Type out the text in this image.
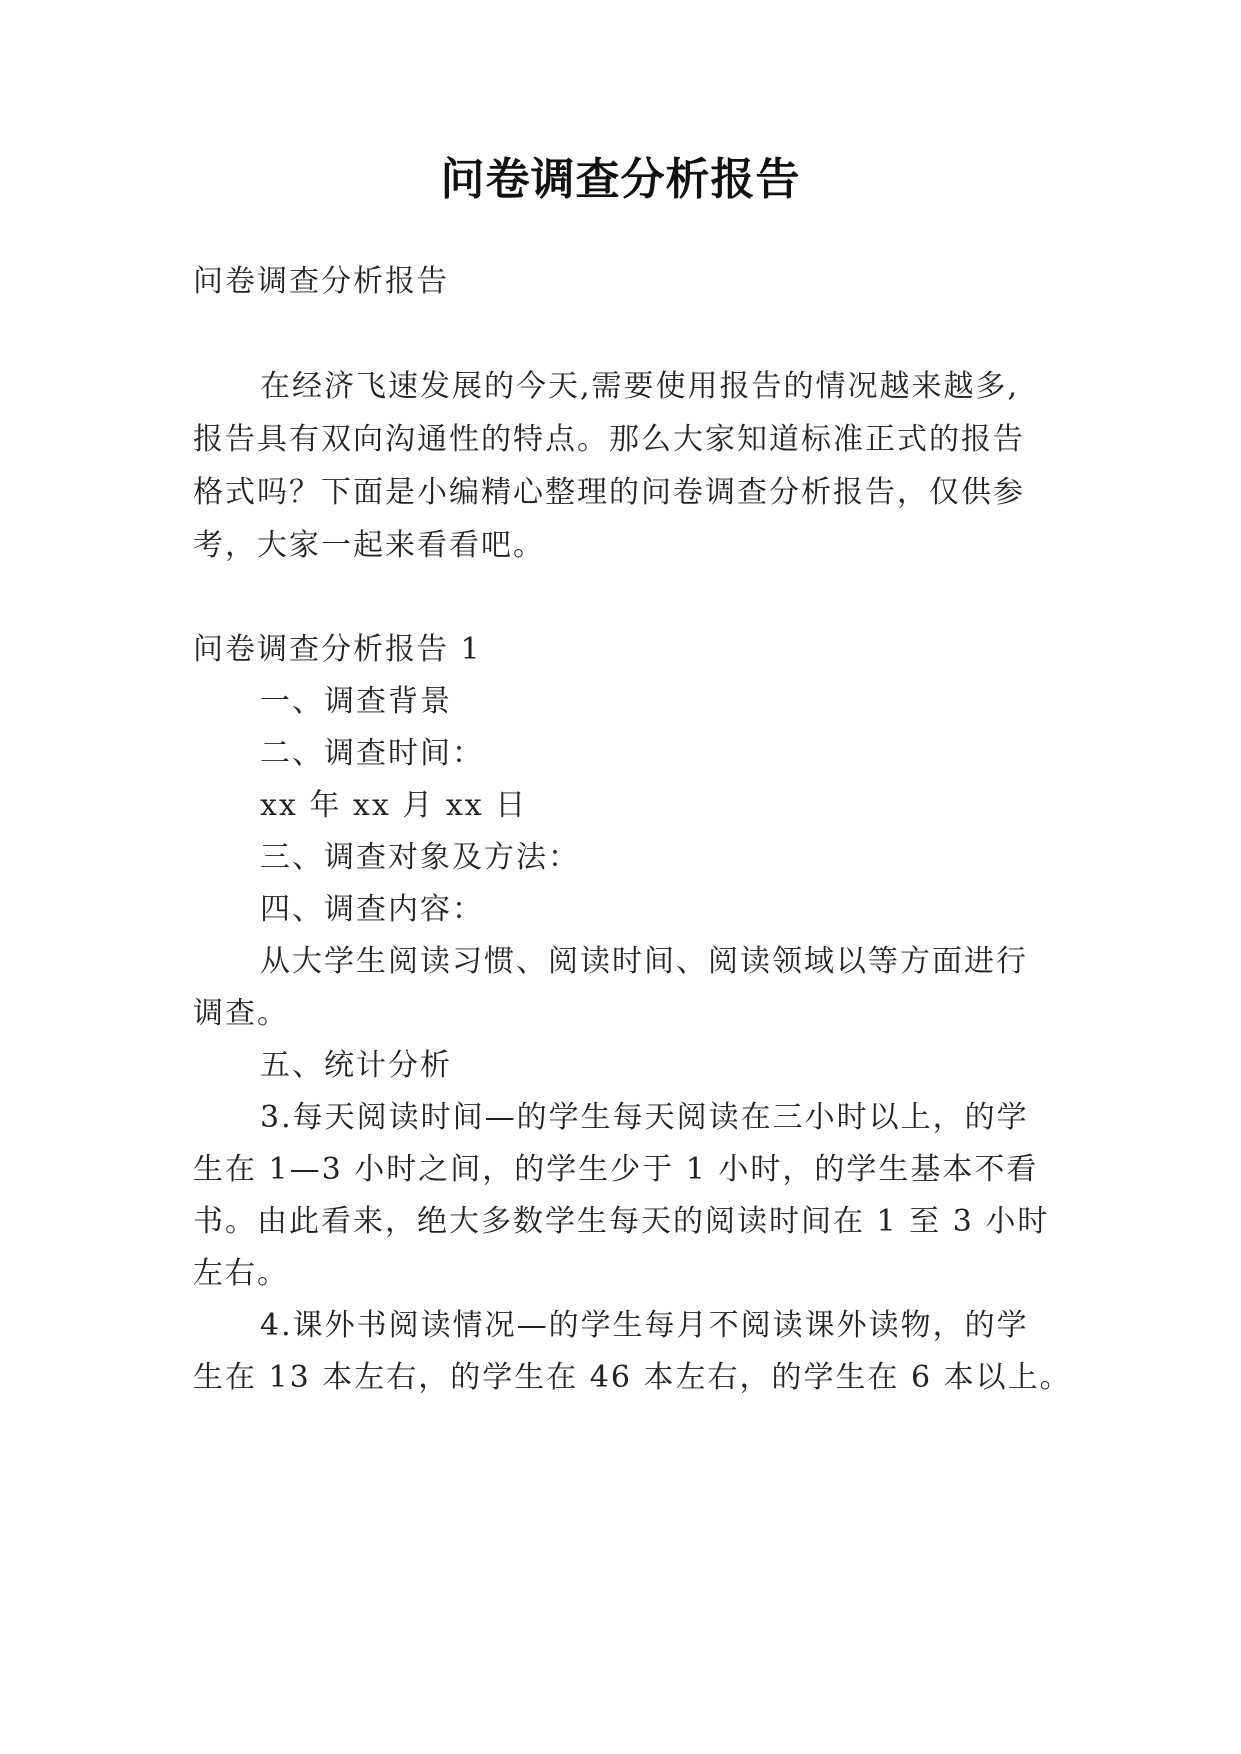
问卷调查分析报告
问卷调查分析报告
在经济飞速发展的今天,需要使用报告的情况越来越多,
报告具有双向沟通性的特点。那么大家知道标准正式的报告
格式吗？下面是小编精心整理的问卷调查分析报告，仅供参
考，大家一起来看看吧。
问卷调查分析报告 1
一、调查背景
二、调查时间：
xx 年 xx 月 xx 日
三、调查对象及方法：
四、调查内容：
从大学生阅读习惯、阅读时间、阅读领域以等方面进行
调查。
五、统计分析
3.每天阅读时间—的学生每天阅读在三小时以上，的学
生在 1—3 小时之间，的学生少于 1 小时，的学生基本不看
书。由此看来，绝大多数学生每天的阅读时间在 1 至 3 小时
左右。
4.课外书阅读情况—的学生每月不阅读课外读物，的学
生在 13 本左右，的学生在 46 本左右，的学生在 6 本以上。
